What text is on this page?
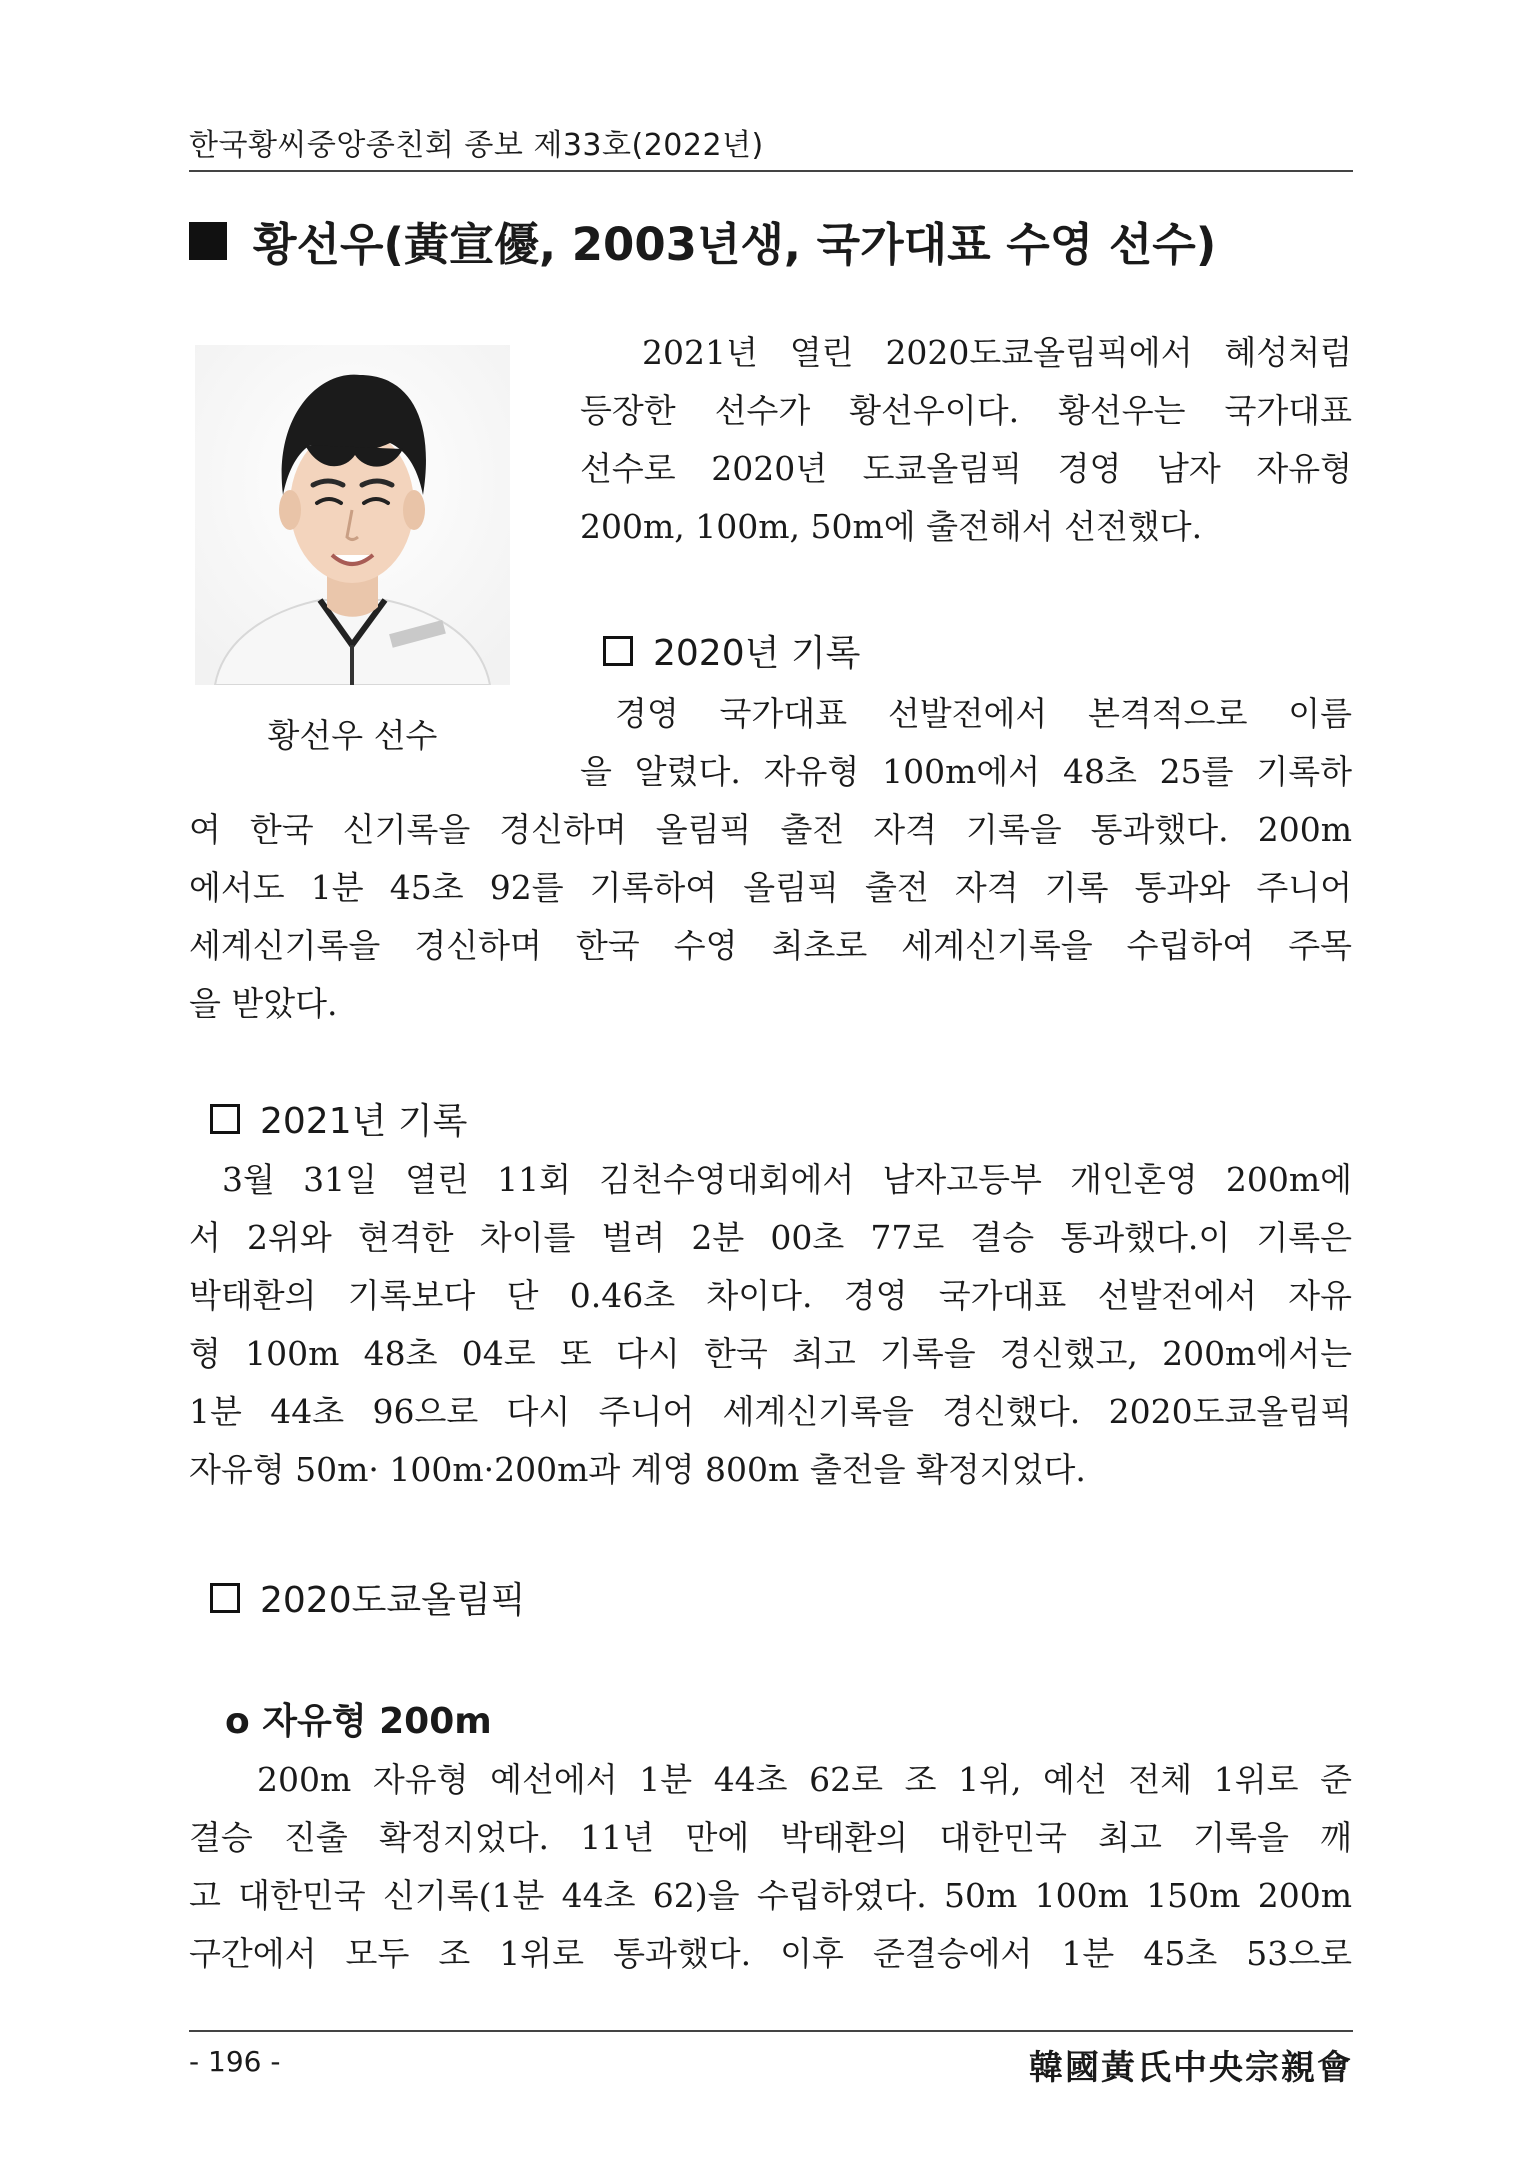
한국황씨중앙종친회 종보 제33호(2022년)
황선우(黃宣優, 2003년생, 국가대표 수영 선수)
황선우 선수
2021년 열린 2020도쿄올림픽에서 혜성처럼
등장한 선수가 황선우이다. 황선우는 국가대표
선수로 2020년 도쿄올림픽 경영 남자 자유형
200m, 100m, 50m에 출전해서 선전했다.
2020년 기록
경영 국가대표 선발전에서 본격적으로 이름
을 알렸다. 자유형 100m에서 48초 25를 기록하
여 한국 신기록을 경신하며 올림픽 출전 자격 기록을 통과했다. 200m
에서도 1분 45초 92를 기록하여 올림픽 출전 자격 기록 통과와 주니어
세계신기록을 경신하며 한국 수영 최초로 세계신기록을 수립하여 주목
을 받았다.
2021년 기록
3월 31일 열린 11회 김천수영대회에서 남자고등부 개인혼영 200m에
서 2위와 현격한 차이를 벌려 2분 00초 77로 결승 통과했다.이 기록은
박태환의 기록보다 단 0.46초 차이다. 경영 국가대표 선발전에서 자유
형 100m 48초 04로 또 다시 한국 최고 기록을 경신했고, 200m에서는
1분 44초 96으로 다시 주니어 세계신기록을 경신했다. 2020도쿄올림픽
자유형 50m· 100m·200m과 계영 800m 출전을 확정지었다.
2020도쿄올림픽
o 자유형 200m
200m 자유형 예선에서 1분 44초 62로 조 1위, 예선 전체 1위로 준
결승 진출 확정지었다. 11년 만에 박태환의 대한민국 최고 기록을 깨
고 대한민국 신기록(1분 44초 62)을 수립하였다. 50m 100m 150m 200m
구간에서 모두 조 1위로 통과했다. 이후 준결승에서 1분 45초 53으로
- 196 -	韓國黃氏中央宗親會
